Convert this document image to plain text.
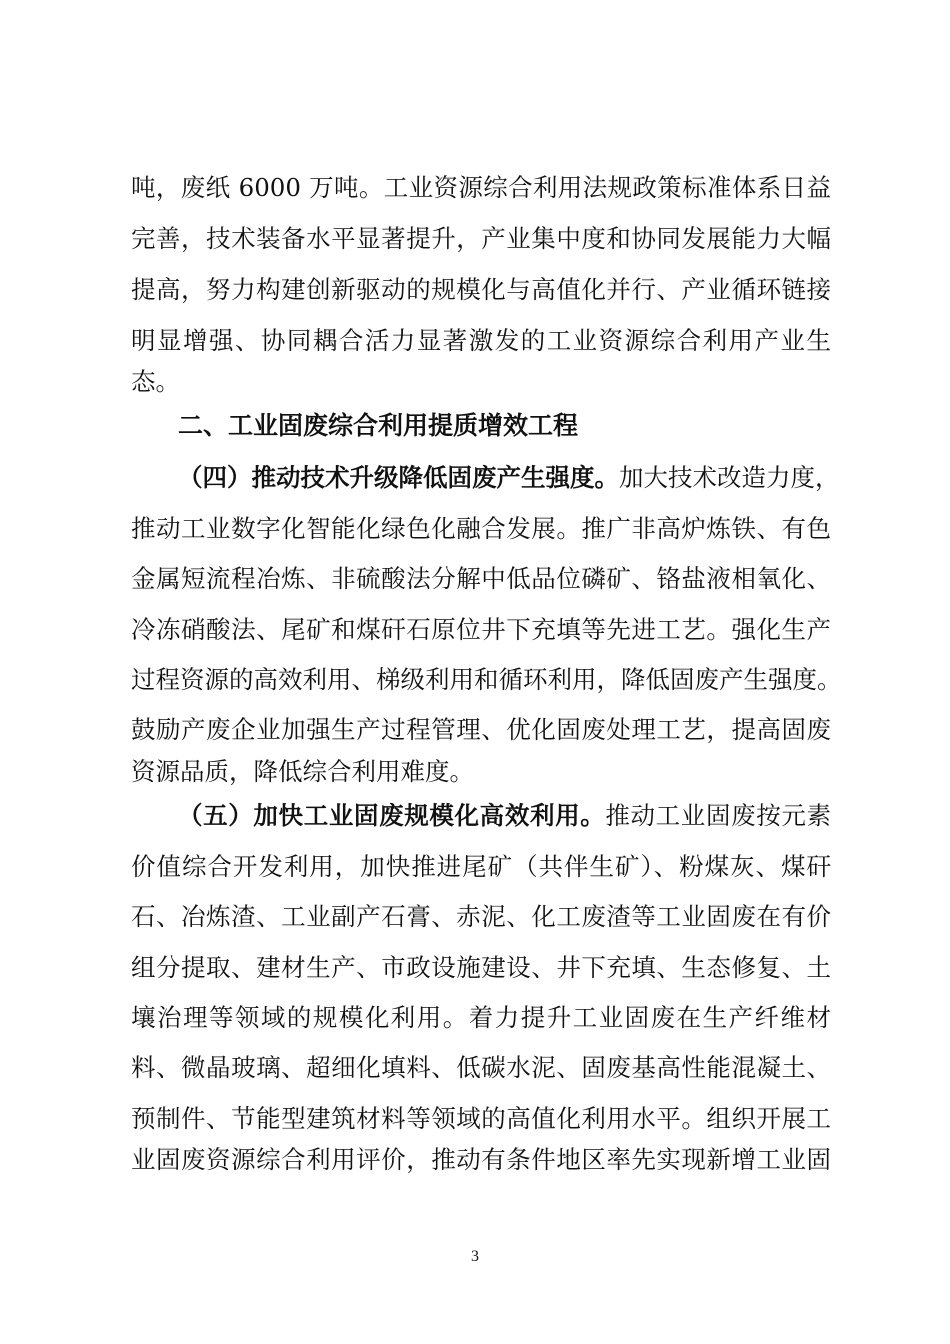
吨，废纸 6000 万吨。工业资源综合利用法规政策标准体系日益
完善，技术装备水平显著提升，产业集中度和协同发展能力大幅
提高，努力构建创新驱动的规模化与高值化并行、产业循环链接
明显增强、协同耦合活力显著激发的工业资源综合利用产业生
态。
二、工业固废综合利用提质增效工程
（四）推动技术升级降低固废产生强度。加大技术改造力度，
推动工业数字化智能化绿色化融合发展。推广非高炉炼铁、有色
金属短流程冶炼、非硫酸法分解中低品位磷矿、铬盐液相氧化、
冷冻硝酸法、尾矿和煤矸石原位井下充填等先进工艺。强化生产
过程资源的高效利用、梯级利用和循环利用，降低固废产生强度。
鼓励产废企业加强生产过程管理、优化固废处理工艺，提高固废
资源品质，降低综合利用难度。
（五）加快工业固废规模化高效利用。推动工业固废按元素
价值综合开发利用，加快推进尾矿（共伴生矿）、粉煤灰、煤矸
石、冶炼渣、工业副产石膏、赤泥、化工废渣等工业固废在有价
组分提取、建材生产、市政设施建设、井下充填、生态修复、土
壤治理等领域的规模化利用。着力提升工业固废在生产纤维材
料、微晶玻璃、超细化填料、低碳水泥、固废基高性能混凝土、
预制件、节能型建筑材料等领域的高值化利用水平。组织开展工
业固废资源综合利用评价，推动有条件地区率先实现新增工业固
3
